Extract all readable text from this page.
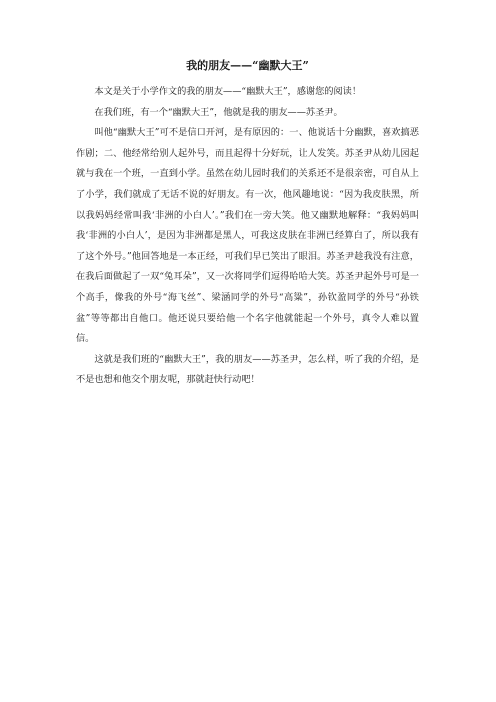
我的朋友——“幽默大王”

本文是关于小学作文的我的朋友——“幽默大王”，感谢您的阅读！

在我们班，有一个“幽默大王”，他就是我的朋友——苏圣尹。

叫他“幽默大王”可不是信口开河，是有原因的：一、他说话十分幽默，喜欢搞恶作剧；二、他经常给别人起外号，而且起得十分好玩，让人发笑。苏圣尹从幼儿园起就与我在一个班，一直到小学。虽然在幼儿园时我们的关系还不是很亲密，可自从上了小学，我们就成了无话不说的好朋友。有一次，他风趣地说：“因为我皮肤黑，所以我妈妈经常叫我‘非洲的小白人’。”我们在一旁大笑。他又幽默地解释：“我妈妈叫我‘非洲的小白人’，是因为非洲都是黑人，可我这皮肤在非洲已经算白了，所以我有了这个外号。”他回答地是一本正经，可我们早已笑出了眼泪。苏圣尹趁我没有注意，在我后面做起了一双“兔耳朵”，又一次将同学们逗得哈哈大笑。苏圣尹起外号可是一个高手，像我的外号“海飞丝”、梁涵同学的外号“高粱”，孙钦盈同学的外号“孙铁盆”等等都出自他口。他还说只要给他一个名字他就能起一个外号，真令人难以置信。

这就是我们班的“幽默大王”，我的朋友——苏圣尹，怎么样，听了我的介绍，是不是也想和他交个朋友呢，那就赶快行动吧！
